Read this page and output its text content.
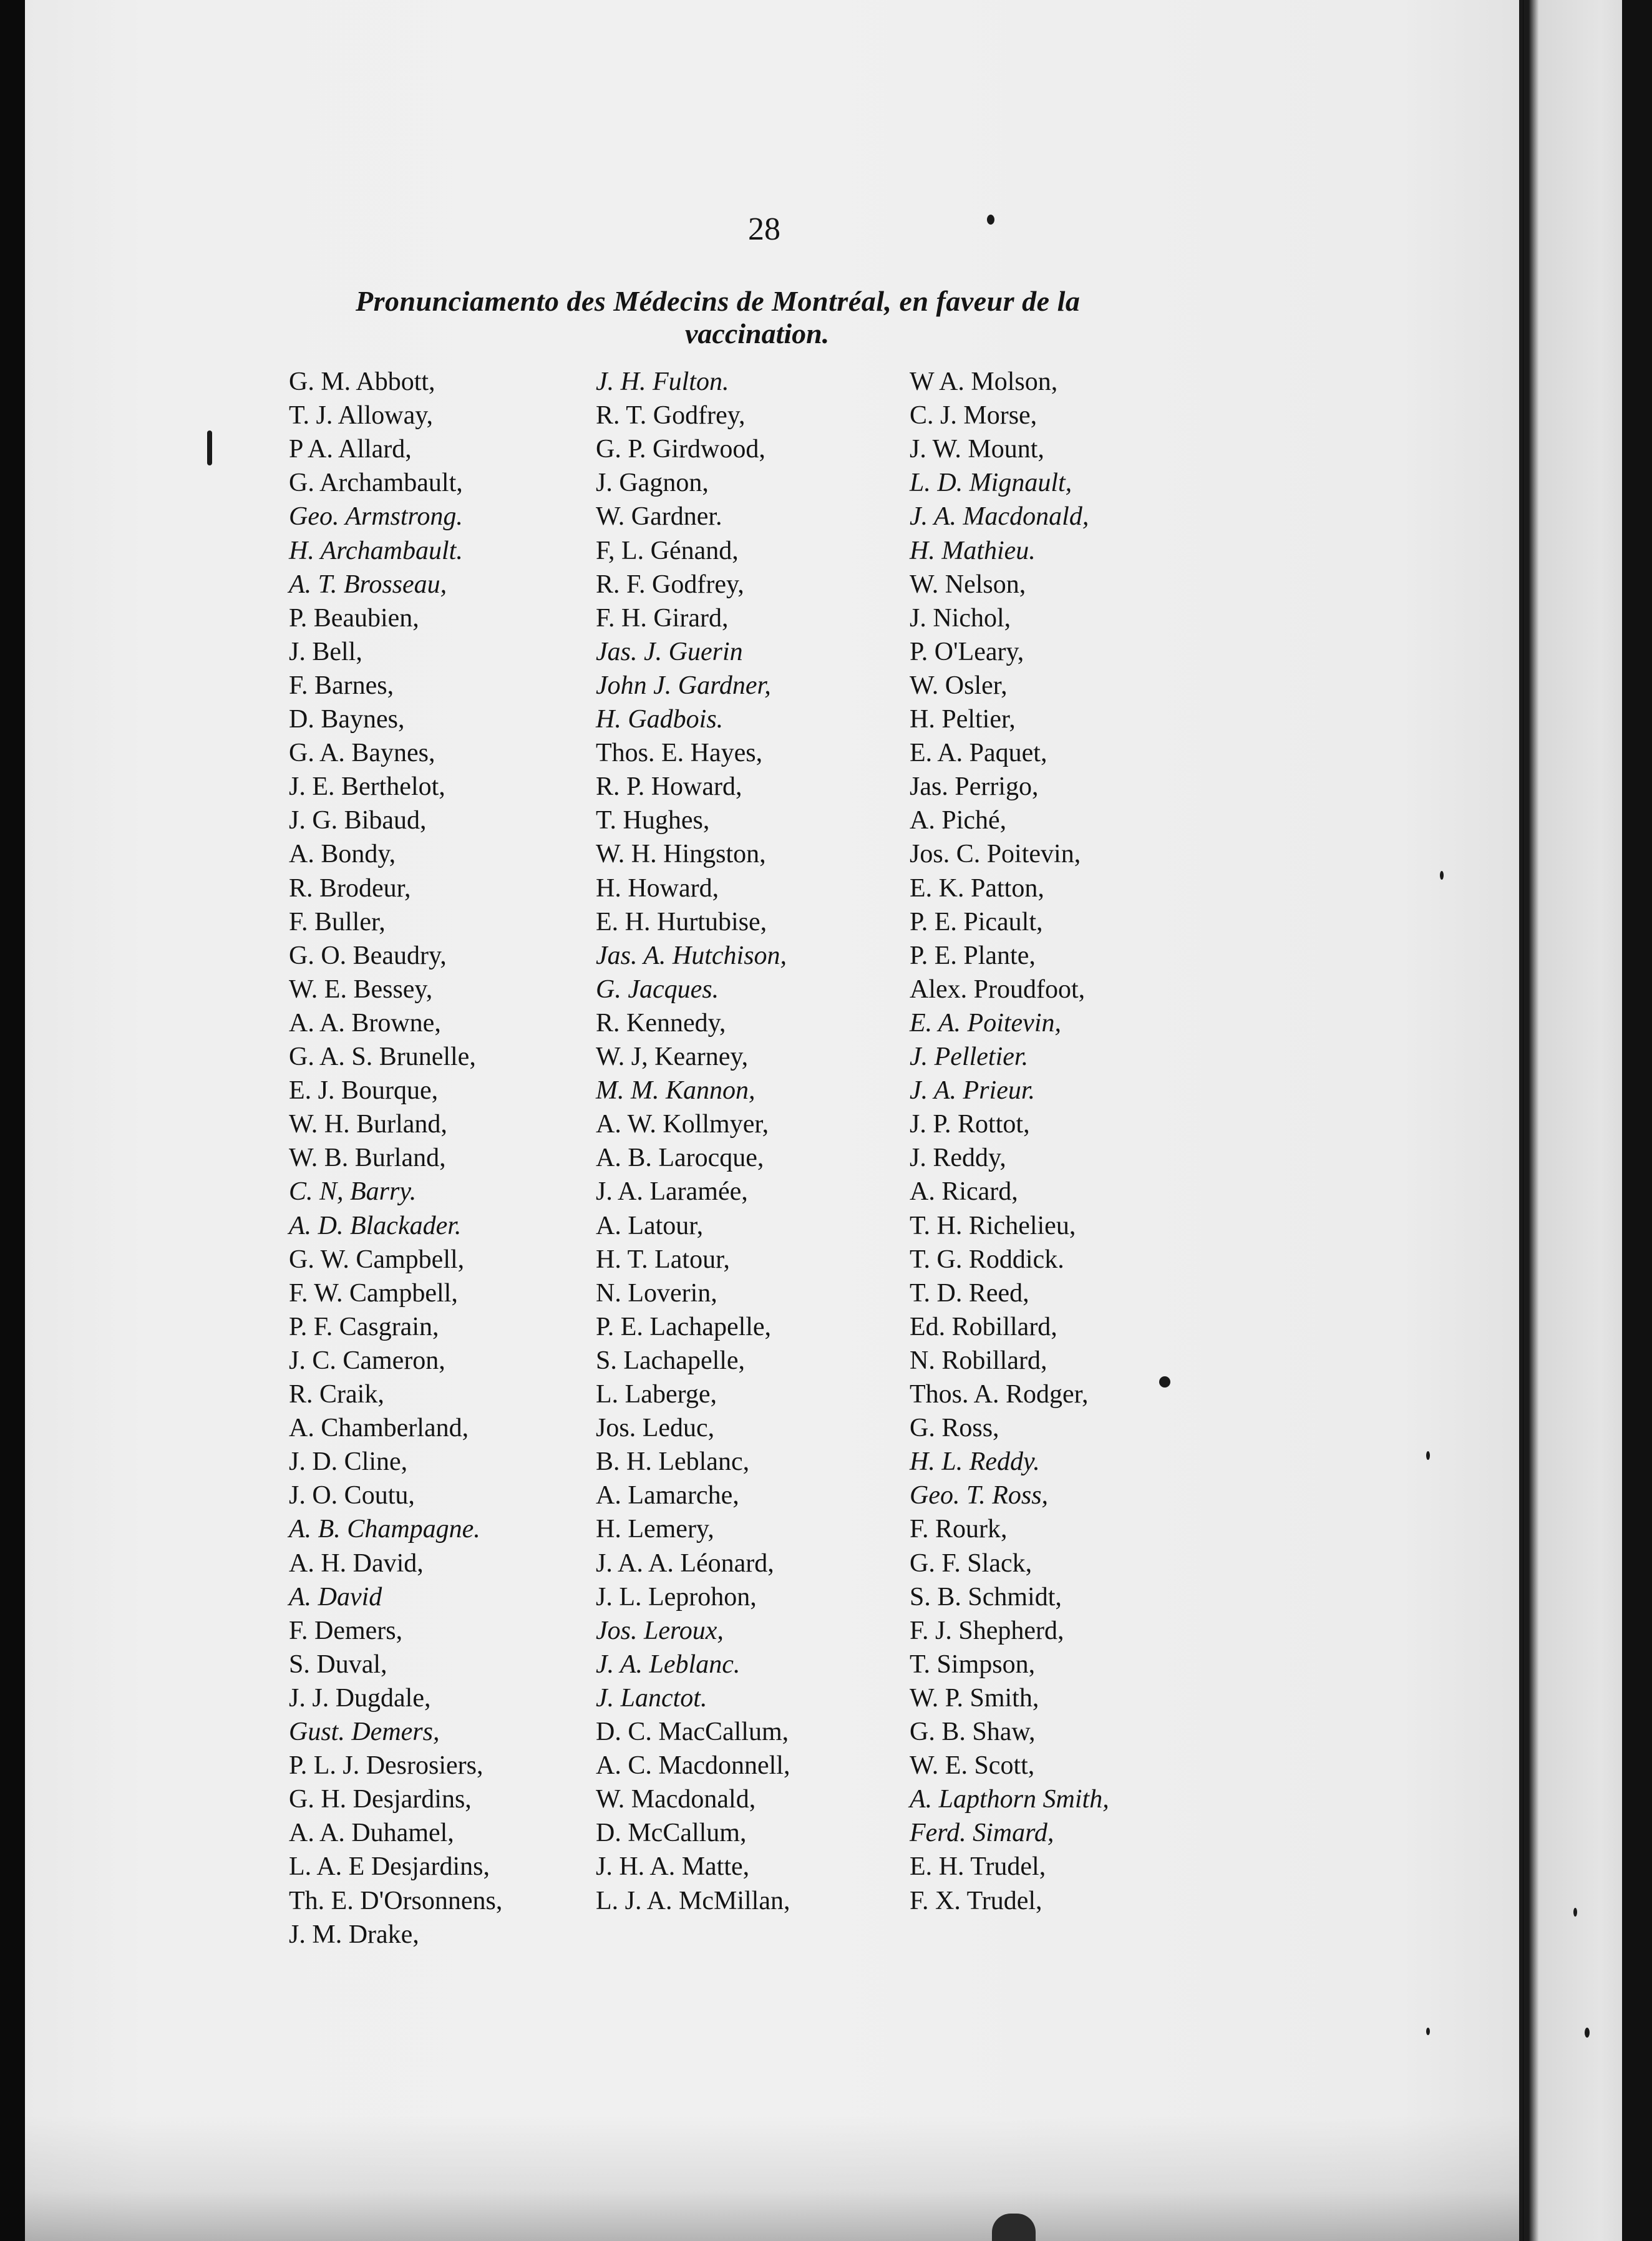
28
Pronunciamento des Médecins de Montréal, en faveur de la
vaccination.
G. M. Abbott,
T. J. Alloway,
P A. Allard,
G. Archambault,
Geo. Armstrong.
H. Archambault.
A. T. Brosseau,
P. Beaubien,
J. Bell,
F. Barnes,
D. Baynes,
G. A. Baynes,
J. E. Berthelot,
J. G. Bibaud,
A. Bondy,
R. Brodeur,
F. Buller,
G. O. Beaudry,
W. E. Bessey,
A. A. Browne,
G. A. S. Brunelle,
E. J. Bourque,
W. H. Burland,
W. B. Burland,
C. N, Barry.
A. D. Blackader.
G. W. Campbell,
F. W. Campbell,
P. F. Casgrain,
J. C. Cameron,
R. Craik,
A. Chamberland,
J. D. Cline,
J. O. Coutu,
A. B. Champagne.
A. H. David,
A. David
F. Demers,
S. Duval,
J. J. Dugdale,
Gust. Demers,
P. L. J. Desrosiers,
G. H. Desjardins,
A. A. Duhamel,
L. A. E Desjardins,
Th. E. D'Orsonnens,
J. M. Drake,
J. H. Fulton.
R. T. Godfrey,
G. P. Girdwood,
J. Gagnon,
W. Gardner.
F, L. Génand,
R. F. Godfrey,
F. H. Girard,
Jas. J. Guerin
John J. Gardner,
H. Gadbois.
Thos. E. Hayes,
R. P. Howard,
T. Hughes,
W. H. Hingston,
H. Howard,
E. H. Hurtubise,
Jas. A. Hutchison,
G. Jacques.
R. Kennedy,
W. J, Kearney,
M. M. Kannon,
A. W. Kollmyer,
A. B. Larocque,
J. A. Laramée,
A. Latour,
H. T. Latour,
N. Loverin,
P. E. Lachapelle,
S. Lachapelle,
L. Laberge,
Jos. Leduc,
B. H. Leblanc,
A. Lamarche,
H. Lemery,
J. A. A. Léonard,
J. L. Leprohon,
Jos. Leroux,
J. A. Leblanc.
J. Lanctot.
D. C. MacCallum,
A. C. Macdonnell,
W. Macdonald,
D. McCallum,
J. H. A. Matte,
L. J. A. McMillan,
W A. Molson,
C. J. Morse,
J. W. Mount,
L. D. Mignault,
J. A. Macdonald,
H. Mathieu.
W. Nelson,
J. Nichol,
P. O'Leary,
W. Osler,
H. Peltier,
E. A. Paquet,
Jas. Perrigo,
A. Piché,
Jos. C. Poitevin,
E. K. Patton,
P. E. Picault,
P. E. Plante,
Alex. Proudfoot,
E. A. Poitevin,
J. Pelletier.
J. A. Prieur.
J. P. Rottot,
J. Reddy,
A. Ricard,
T. H. Richelieu,
T. G. Roddick.
T. D. Reed,
Ed. Robillard,
N. Robillard,
Thos. A. Rodger,
G. Ross,
H. L. Reddy.
Geo. T. Ross,
F. Rourk,
G. F. Slack,
S. B. Schmidt,
F. J. Shepherd,
T. Simpson,
W. P. Smith,
G. B. Shaw,
W. E. Scott,
A. Lapthorn Smith,
Ferd. Simard,
E. H. Trudel,
F. X. Trudel,
